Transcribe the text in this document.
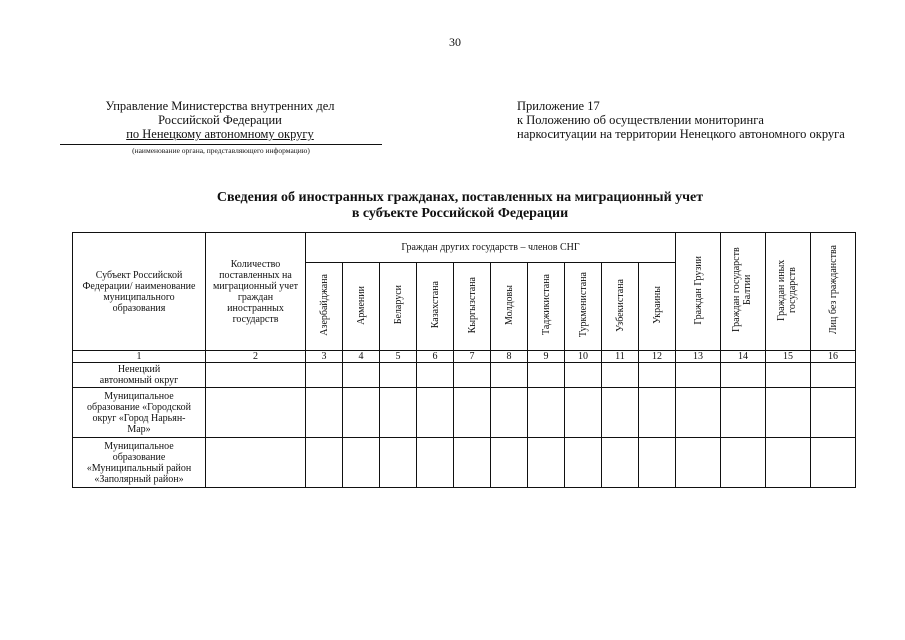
30
Управление Министерства внутренних дел
Российской Федерации
по Ненецкому автономному округу
(наименование органа, представляющего информацию)
Приложение 17
к Положению об осуществлении мониторинга
наркоситуации на территории Ненецкого автономного округа
Сведения об иностранных гражданах, поставленных на миграционный учет
в субъекте Российской Федерации
Субъект Российской Федерации/ наименование муниципального образования	Количество поставленных на миграционный учет граждан иностранных государств	Граждан других государств – членов СНГ										Граждан Грузии	Граждан государств Балтии	Граждан иных государств	Лиц без гражданства
		Азербайджана	Армении	Беларуси	Казахстана	Кыргызстана	Молдовы	Таджикистана	Туркменистана	Узбекистана	Украины				
1	2	3	4	5	6	7	8	9	10	11	12	13	14	15	16
Ненецкий автономный округ															
Муниципальное образование «Городской округ «Город Нарьян-Мар»															
Муниципальное образование «Муниципальный район «Заполярный район»															
